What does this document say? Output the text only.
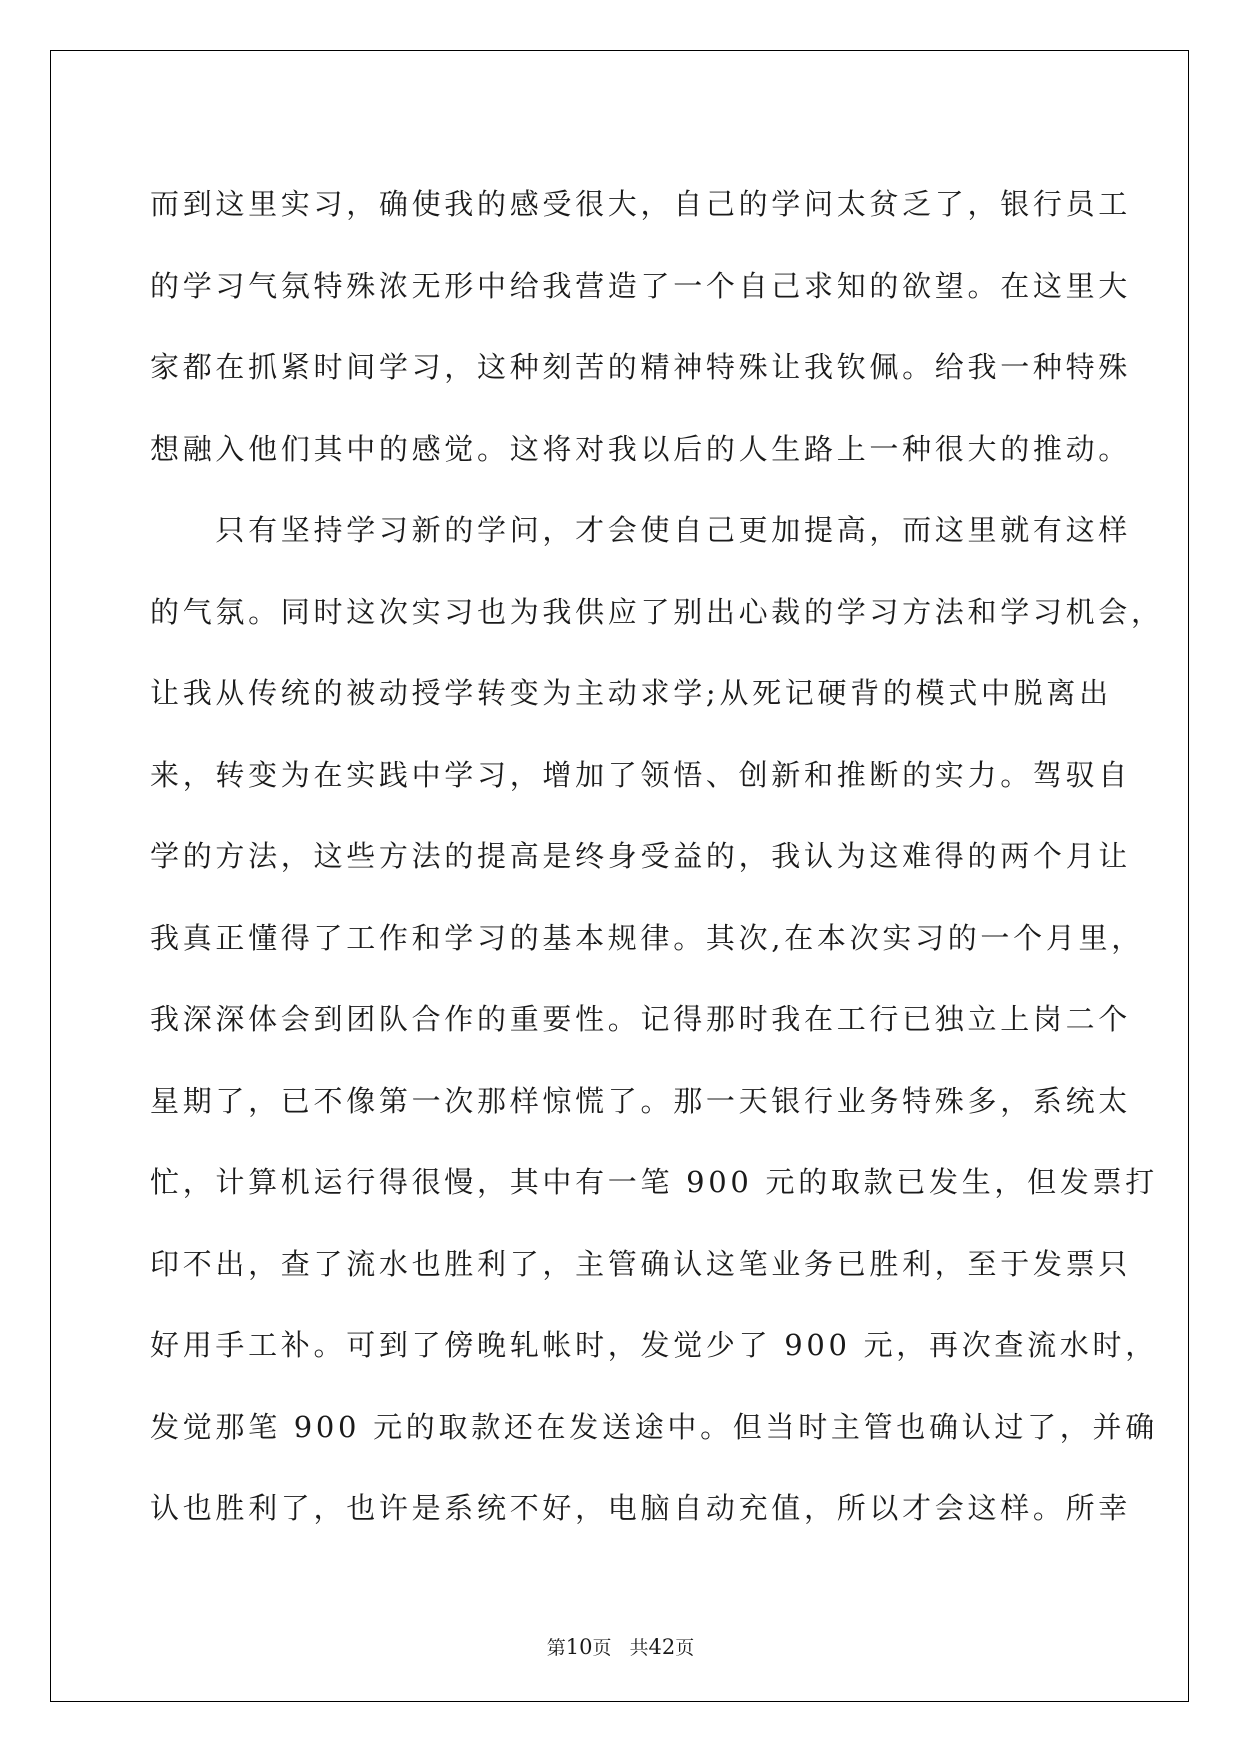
而到这里实习，确使我的感受很大，自己的学问太贫乏了，银行员工
的学习气氛特殊浓无形中给我营造了一个自己求知的欲望。在这里大
家都在抓紧时间学习，这种刻苦的精神特殊让我钦佩。给我一种特殊
想融入他们其中的感觉。这将对我以后的人生路上一种很大的推动。
　　只有坚持学习新的学问，才会使自己更加提高，而这里就有这样
的气氛。同时这次实习也为我供应了别出心裁的学习方法和学习机会，
让我从传统的被动授学转变为主动求学;从死记硬背的模式中脱离出
来，转变为在实践中学习，增加了领悟、创新和推断的实力。驾驭自
学的方法，这些方法的提高是终身受益的，我认为这难得的两个月让
我真正懂得了工作和学习的基本规律。其次,在本次实习的一个月里，
我深深体会到团队合作的重要性。记得那时我在工行已独立上岗二个
星期了，已不像第一次那样惊慌了。那一天银行业务特殊多，系统太
忙，计算机运行得很慢，其中有一笔 900 元的取款已发生，但发票打
印不出，查了流水也胜利了，主管确认这笔业务已胜利，至于发票只
好用手工补。可到了傍晚轧帐时，发觉少了 900 元，再次查流水时，
发觉那笔 900 元的取款还在发送途中。但当时主管也确认过了，并确
认也胜利了，也许是系统不好，电脑自动充值，所以才会这样。所幸
第10页 共42页
